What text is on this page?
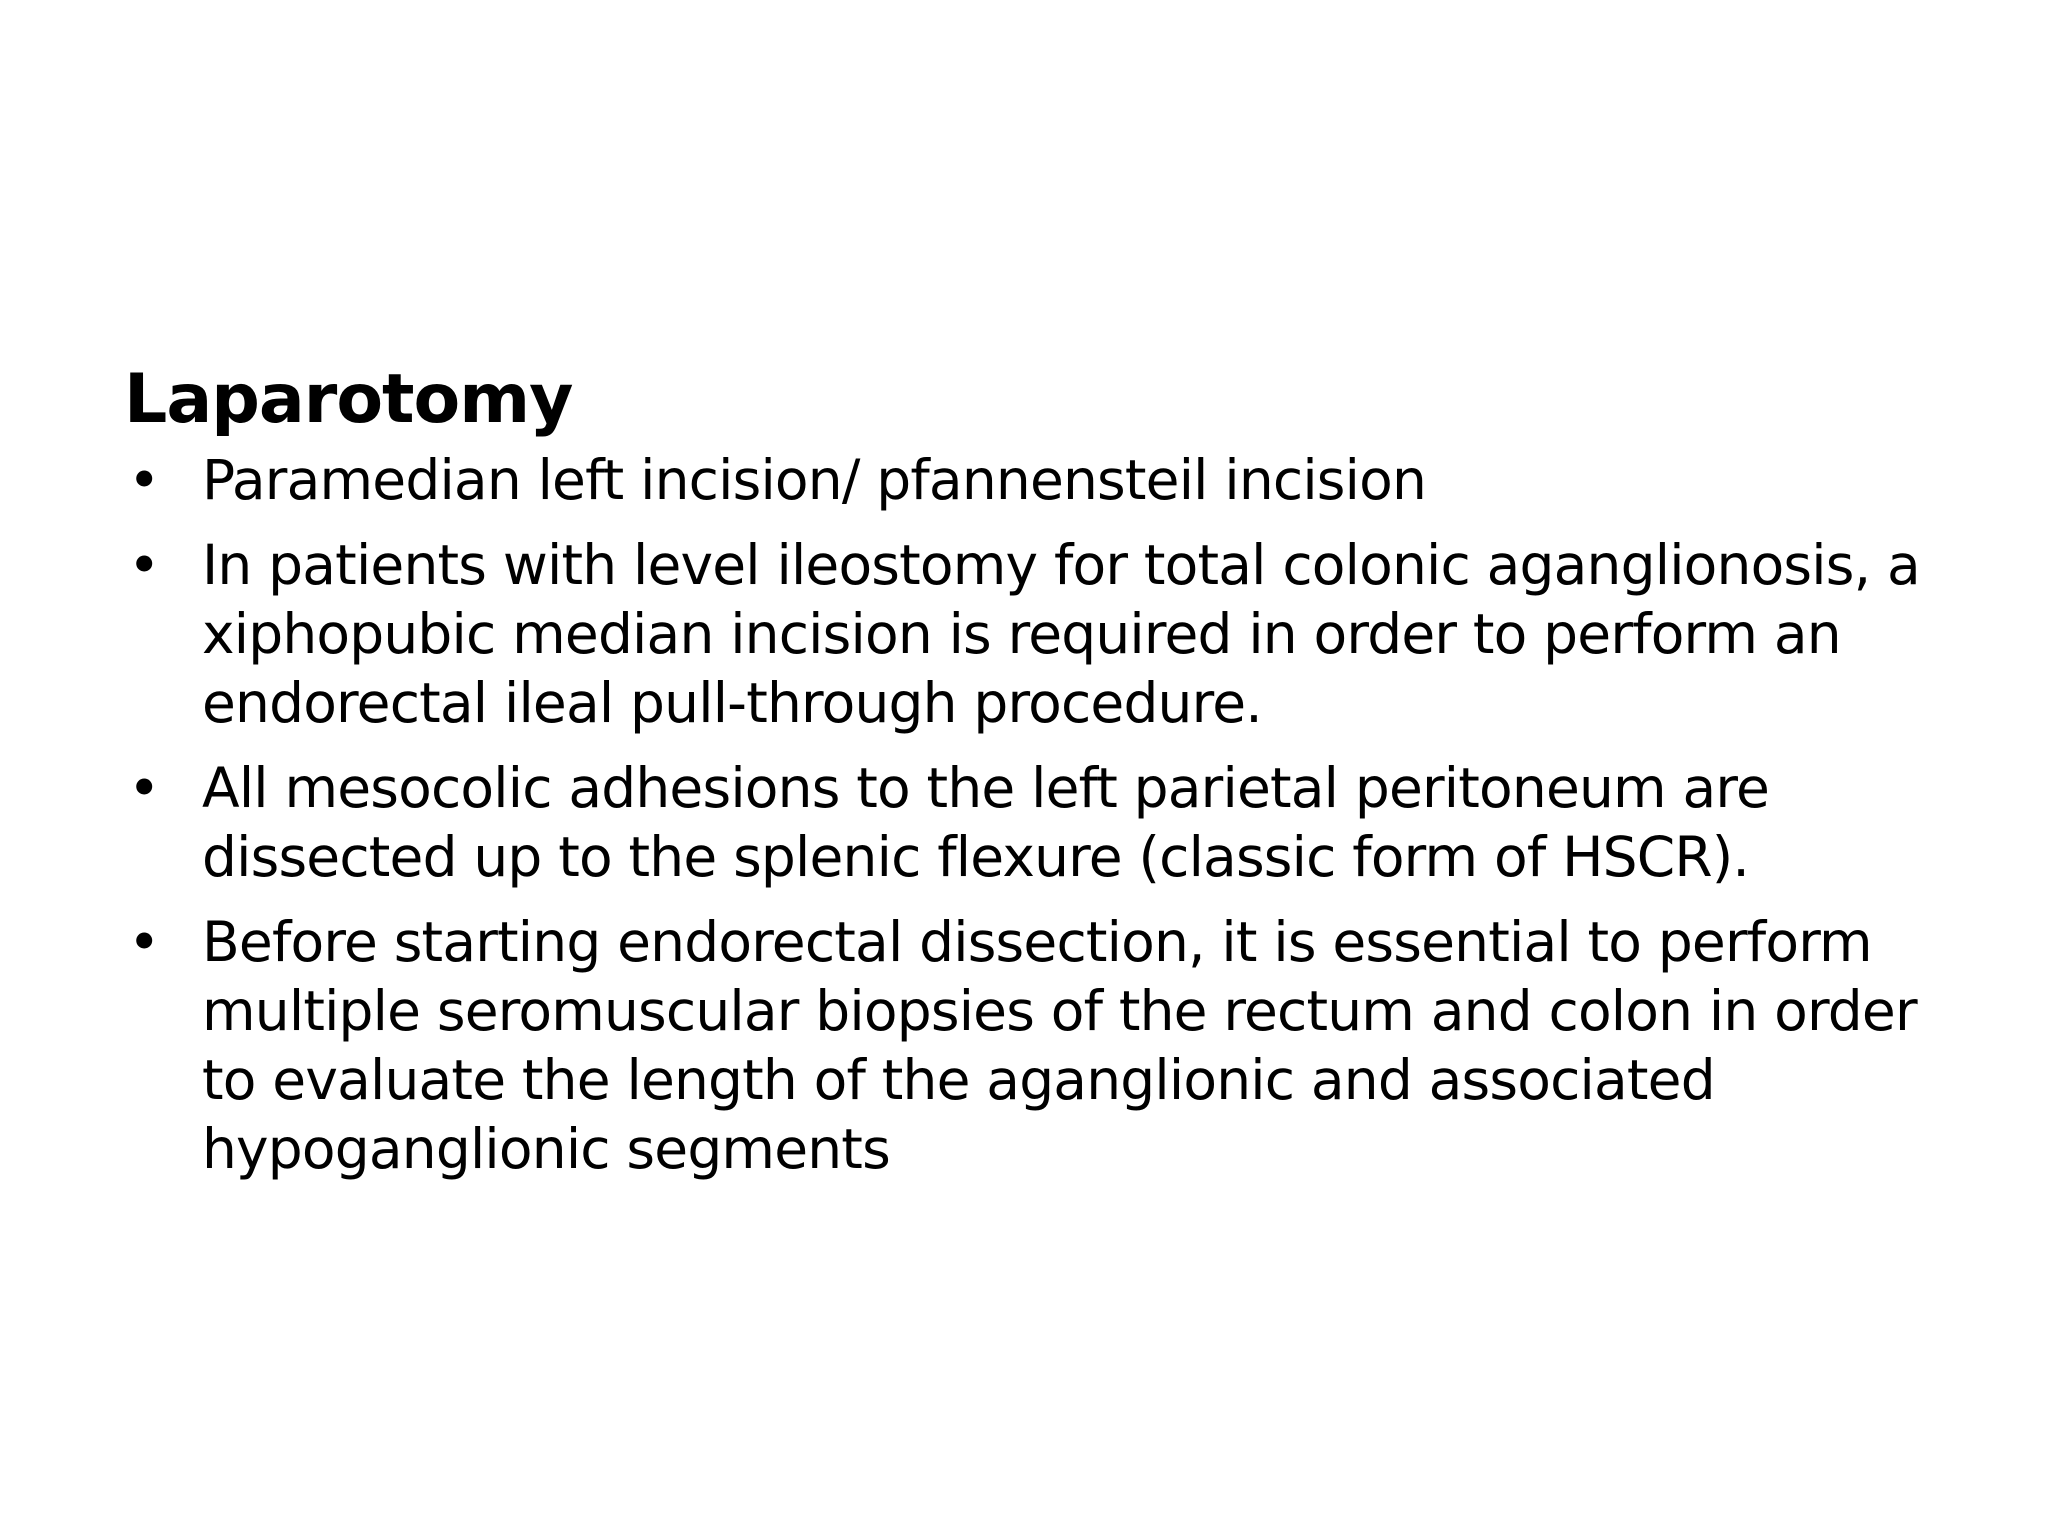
Laparotomy
• Paramedian left incision/ pfannensteil incision
• In patients with level ileostomy for total colonic aganglionosis, a xiphopubic median incision is required in order to perform an endorectal ileal pull-through procedure.
• All mesocolic adhesions to the left parietal peritoneum are dissected up to the splenic flexure (classic form of HSCR).
• Before starting endorectal dissection, it is essential to perform multiple seromuscular biopsies of the rectum and colon in order to evaluate the length of the aganglionic and associated hypoganglionic segments
